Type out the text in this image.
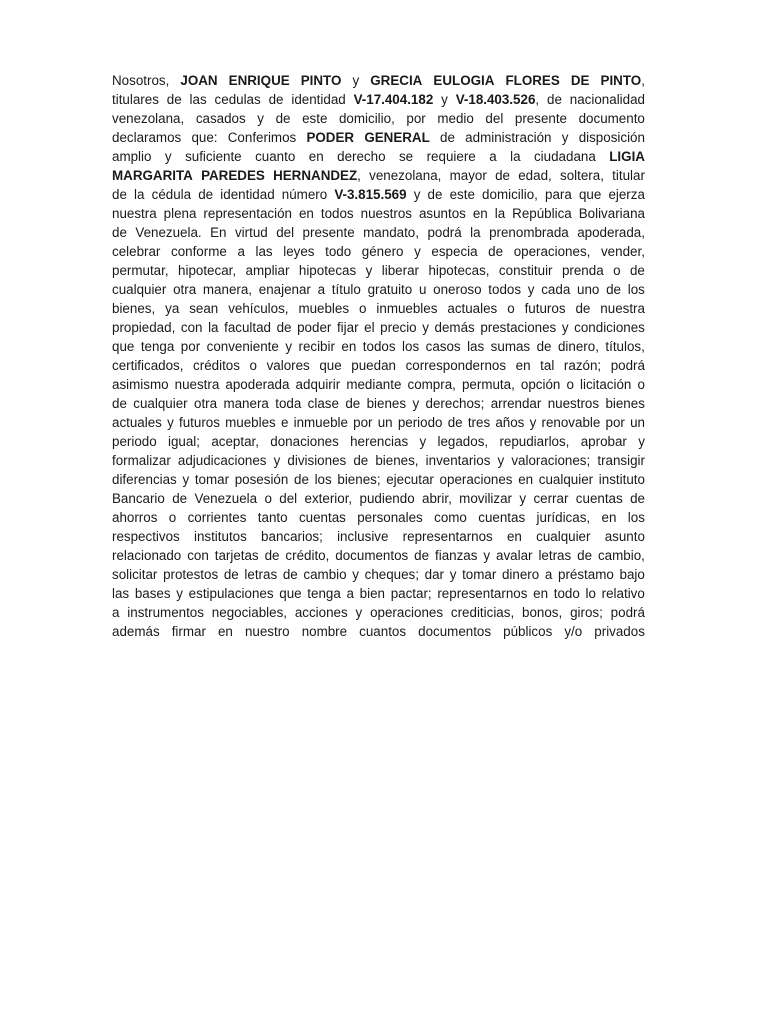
Nosotros, JOAN ENRIQUE PINTO y GRECIA EULOGIA FLORES DE PINTO,
titulares de las cedulas de identidad V-17.404.182 y V-18.403.526, de nacionalidad
venezolana, casados y de este domicilio, por medio del presente documento
declaramos que: Conferimos PODER GENERAL de administración y disposición
amplio y suficiente cuanto en derecho se requiere a la ciudadana LIGIA
MARGARITA PAREDES HERNANDEZ, venezolana, mayor de edad, soltera, titular
de la cédula de identidad número V-3.815.569 y de este domicilio, para que ejerza
nuestra plena representación en todos nuestros asuntos en la República Bolivariana
de Venezuela. En virtud del presente mandato, podrá la prenombrada apoderada,
celebrar conforme a las leyes todo género y especia de operaciones, vender,
permutar, hipotecar, ampliar hipotecas y liberar hipotecas, constituir prenda o de
cualquier otra manera, enajenar a título gratuito u oneroso todos y cada uno de los
bienes, ya sean vehículos, muebles o inmuebles actuales o futuros de nuestra
propiedad, con la facultad de poder fijar el precio y demás prestaciones y condiciones
que tenga por conveniente y recibir en todos los casos las sumas de dinero, títulos,
certificados, créditos o valores que puedan correspondernos en tal razón; podrá
asimismo nuestra apoderada adquirir mediante compra, permuta, opción o licitación o
de cualquier otra manera toda clase de bienes y derechos; arrendar nuestros bienes
actuales y futuros muebles e inmueble por un periodo de tres años y renovable por un
periodo igual; aceptar, donaciones herencias y legados, repudiarlos, aprobar y
formalizar adjudicaciones y divisiones de bienes, inventarios y valoraciones; transigir
diferencias y tomar posesión de los bienes; ejecutar operaciones en cualquier instituto
Bancario de Venezuela o del exterior, pudiendo abrir, movilizar y cerrar cuentas de
ahorros o corrientes tanto cuentas personales como cuentas jurídicas, en los
respectivos institutos bancarios; inclusive representarnos en cualquier asunto
relacionado con tarjetas de crédito, documentos de fianzas y avalar letras de cambio,
solicitar protestos de letras de cambio y cheques; dar y tomar dinero a préstamo bajo
las bases y estipulaciones que tenga a bien pactar; representarnos en todo lo relativo
a instrumentos negociables, acciones y operaciones crediticias, bonos, giros; podrá
además firmar en nuestro nombre cuantos documentos públicos y/o privados
